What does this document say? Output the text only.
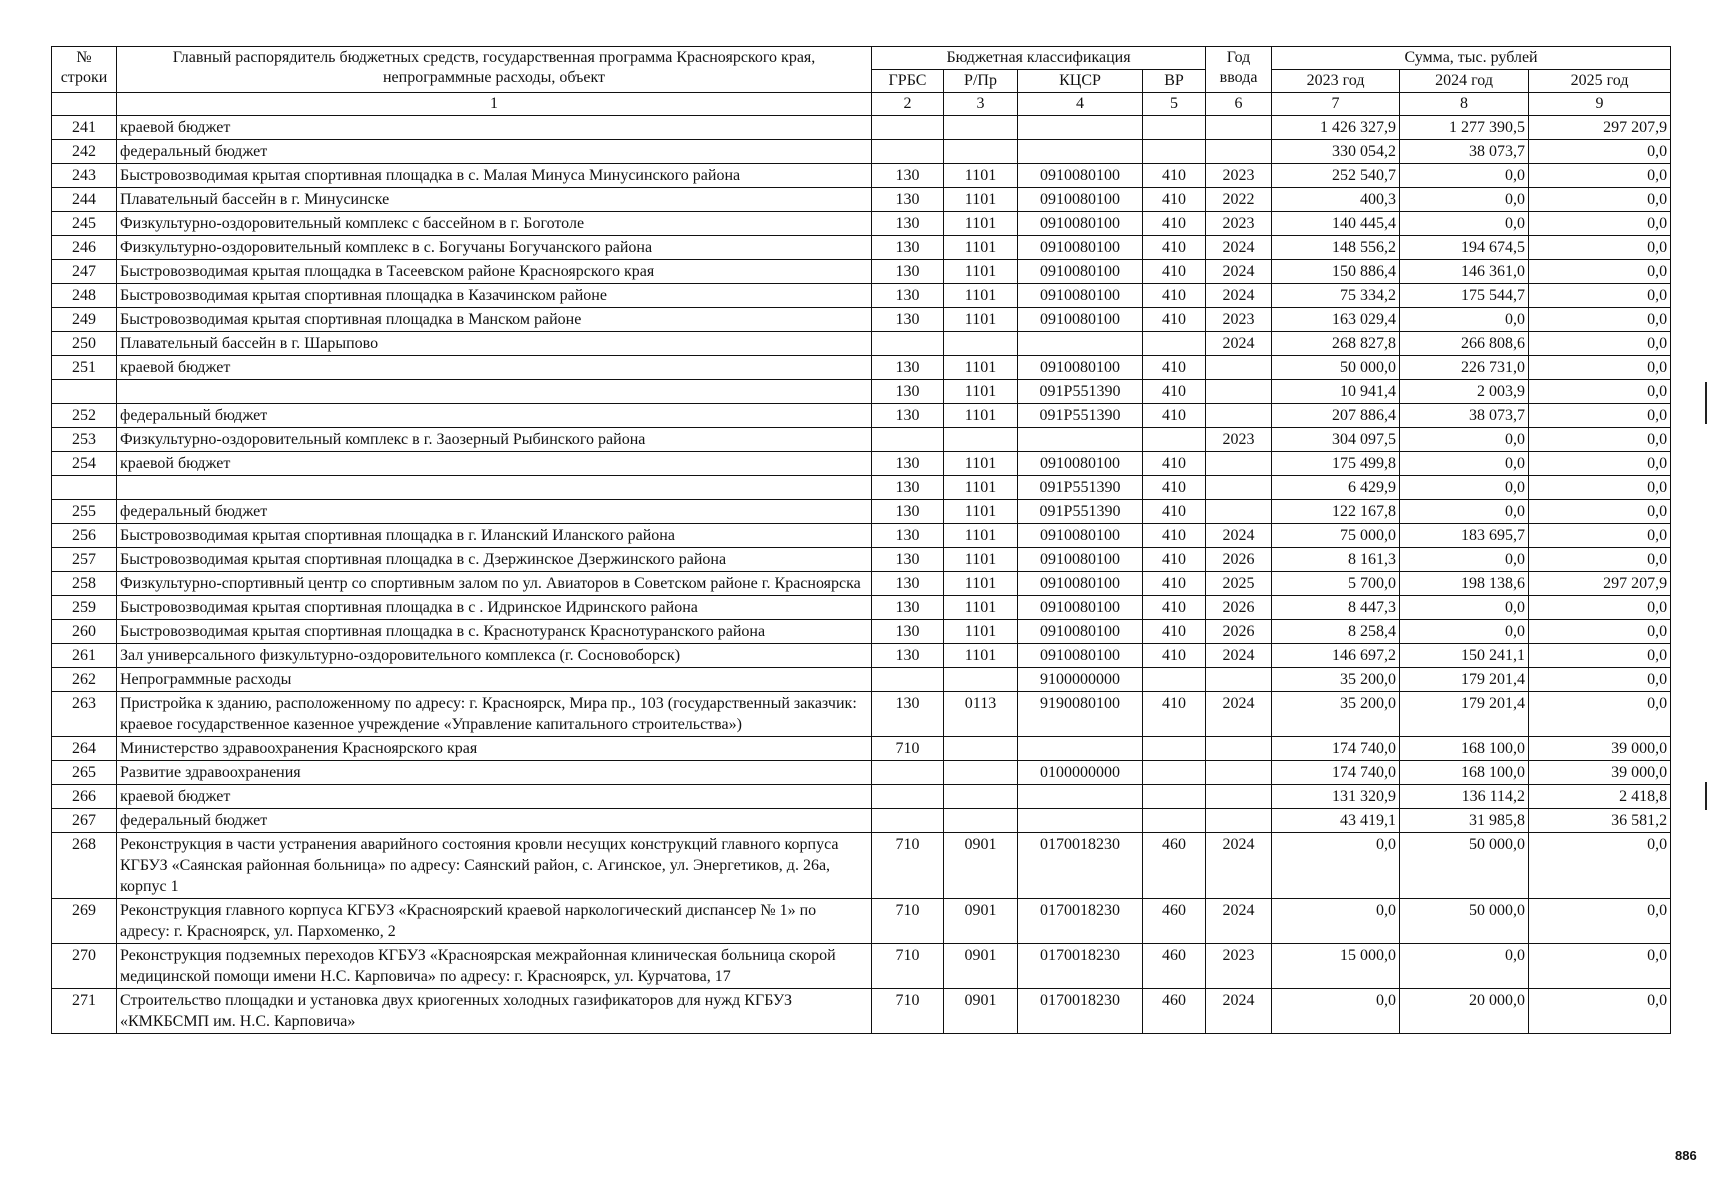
№
строки	Главный распорядитель бюджетных средств, государственная программа Красноярского края, непрограммные расходы, объект	Бюджетная классификация				Год ввода	Сумма, тыс. рублей		
		ГРБС	Р/Пр	КЦСР	ВР		2023 год	2024 год	2025 год
	1	2	3	4	5	6	7	8	9
241	краевой бюджет						1 426 327,9	1 277 390,5	297 207,9
242	федеральный бюджет						330 054,2	38 073,7	0,0
243	Быстровозводимая крытая спортивная площадка в с. Малая Минуса Минусинского района	130	1101	0910080100	410	2023	252 540,7	0,0	0,0
244	Плавательный бассейн в г. Минусинске	130	1101	0910080100	410	2022	400,3	0,0	0,0
245	Физкультурно-оздоровительный комплекс с бассейном в г. Боготоле	130	1101	0910080100	410	2023	140 445,4	0,0	0,0
246	Физкультурно-оздоровительный комплекс в с. Богучаны Богучанского района	130	1101	0910080100	410	2024	148 556,2	194 674,5	0,0
247	Быстровозводимая крытая площадка в Тасеевском районе Красноярского края	130	1101	0910080100	410	2024	150 886,4	146 361,0	0,0
248	Быстровозводимая крытая спортивная площадка в Казачинском районе	130	1101	0910080100	410	2024	75 334,2	175 544,7	0,0
249	Быстровозводимая крытая спортивная площадка в Манском районе	130	1101	0910080100	410	2023	163 029,4	0,0	0,0
250	Плавательный бассейн в г. Шарыпово					2024	268 827,8	266 808,6	0,0
251	краевой бюджет	130	1101	0910080100	410		50 000,0	226 731,0	0,0
		130	1101	091P551390	410		10 941,4	2 003,9	0,0
252	федеральный бюджет	130	1101	091P551390	410		207 886,4	38 073,7	0,0
253	Физкультурно-оздоровительный комплекс в г. Заозерный Рыбинского района					2023	304 097,5	0,0	0,0
254	краевой бюджет	130	1101	0910080100	410		175 499,8	0,0	0,0
		130	1101	091P551390	410		6 429,9	0,0	0,0
255	федеральный бюджет	130	1101	091P551390	410		122 167,8	0,0	0,0
256	Быстровозводимая крытая спортивная площадка в г. Иланский Иланского района	130	1101	0910080100	410	2024	75 000,0	183 695,7	0,0
257	Быстровозводимая крытая спортивная площадка в с. Дзержинское Дзержинского района	130	1101	0910080100	410	2026	8 161,3	0,0	0,0
258	Физкультурно-спортивный центр со спортивным залом по ул. Авиаторов в Советском районе г. Красноярска	130	1101	0910080100	410	2025	5 700,0	198 138,6	297 207,9
259	Быстровозводимая крытая спортивная площадка в с . Идринское Идринского района	130	1101	0910080100	410	2026	8 447,3	0,0	0,0
260	Быстровозводимая крытая спортивная площадка в с. Краснотуранск Краснотуранского района	130	1101	0910080100	410	2026	8 258,4	0,0	0,0
261	Зал универсального физкультурно-оздоровительного комплекса (г. Сосновоборск)	130	1101	0910080100	410	2024	146 697,2	150 241,1	0,0
262	Непрограммные расходы			9100000000			35 200,0	179 201,4	0,0
263	Пристройка к зданию, расположенному по адресу: г. Красноярск, Мира пр., 103 (государственный заказчик: краевое государственное казенное учреждение «Управление капитального строительства»)	130	0113	9190080100	410	2024	35 200,0	179 201,4	0,0
264	Министерство здравоохранения Красноярского края	710					174 740,0	168 100,0	39 000,0
265	Развитие здравоохранения			0100000000			174 740,0	168 100,0	39 000,0
266	краевой бюджет						131 320,9	136 114,2	2 418,8
267	федеральный бюджет						43 419,1	31 985,8	36 581,2
268	Реконструкция в части устранения аварийного состояния кровли несущих конструкций главного корпуса КГБУЗ «Саянская районная больница» по адресу: Саянский район, с. Агинское, ул. Энергетиков, д. 26а, корпус 1	710	0901	0170018230	460	2024	0,0	50 000,0	0,0
269	Реконструкция главного корпуса КГБУЗ «Красноярский краевой наркологический диспансер № 1» по адресу: г. Красноярск, ул. Пархоменко, 2	710	0901	0170018230	460	2024	0,0	50 000,0	0,0
270	Реконструкция подземных переходов КГБУЗ «Красноярская межрайонная клиническая больница скорой медицинской помощи имени Н.С. Карповича» по адресу: г. Красноярск, ул. Курчатова, 17	710	0901	0170018230	460	2023	15 000,0	0,0	0,0
271	Строительство площадки и установка двух криогенных холодных газификаторов для нужд КГБУЗ «КМКБСМП им. Н.С. Карповича»	710	0901	0170018230	460	2024	0,0	20 000,0	0,0
886
